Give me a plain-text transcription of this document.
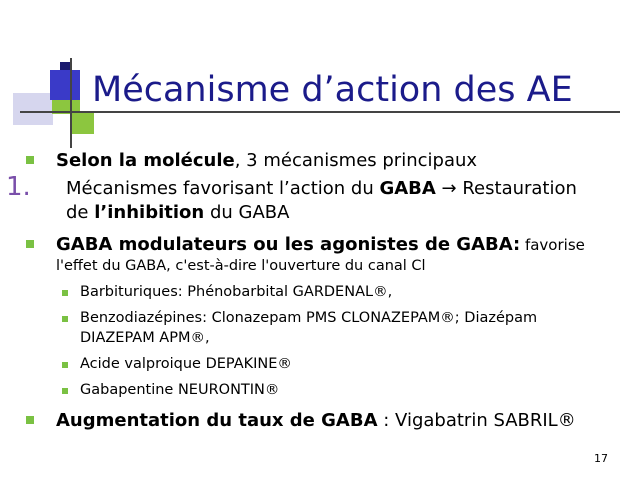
Mécanisme d’action des AE
Selon la molécule, 3 mécanismes principaux
1. Mécanismes favorisant l’action du GABA → Restauration
de l’inhibition du GABA
GABA modulateurs ou les agonistes de GABA: favorise
l'effet du GABA, c'est-à-dire l'ouverture du canal Cl
Barbituriques: Phénobarbital GARDENAL®,
Benzodiazépines: Clonazepam PMS CLONAZEPAM®; Diazépam
DIAZEPAM APM®,
Acide valproique DEPAKINE®
Gabapentine NEURONTIN®
Augmentation du taux de GABA : Vigabatrin SABRIL®
17
